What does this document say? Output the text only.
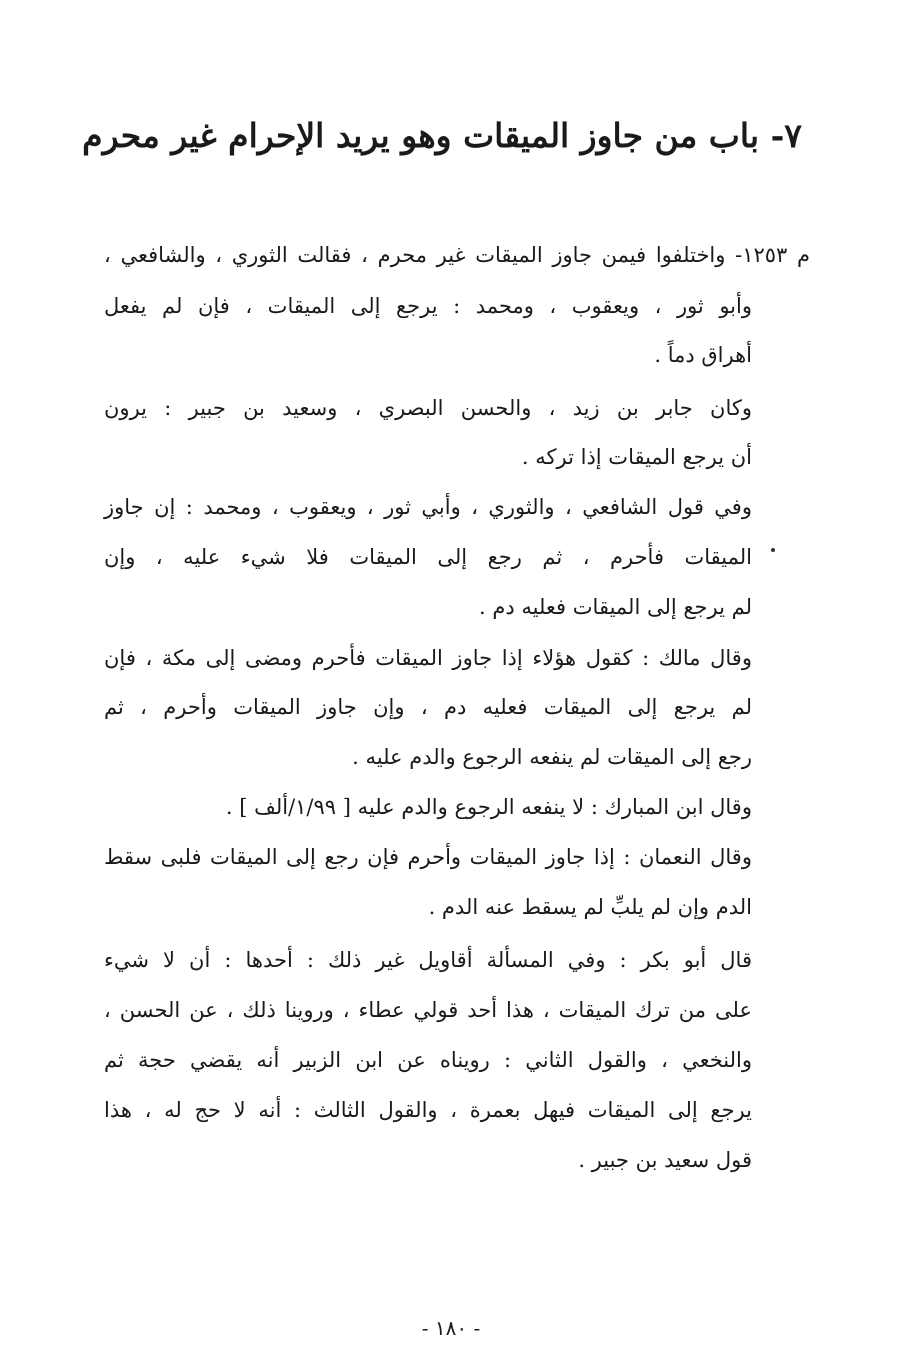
٧- باب من جاوز الميقات وهو يريد الإحرام غير محرم
م ١٢٥٣- واختلفوا فيمن جاوز الميقات غير محرم ، فقالت الثوري ، والشافعي ،
وأبو ثور ، ويعقوب ، ومحمد : يرجع إلى الميقات ، فإن لم يفعل
أهراق دماً .
وكان جابر بن زيد ، والحسن البصري ، وسعيد بن جبير : يرون
أن يرجع الميقات إذا تركه .
وفي قول الشافعي ، والثوري ، وأبي ثور ، ويعقوب ، ومحمد : إن جاوز
الميقات فأحرم ، ثم رجع إلى الميقات فلا شيء عليه ، وإن
لم يرجع إلى الميقات فعليه دم .
وقال مالك : كقول هؤلاء إذا جاوز الميقات فأحرم ومضى إلى مكة ، فإن
لم يرجع إلى الميقات فعليه دم ، وإن جاوز الميقات وأحرم ، ثم
رجع إلى الميقات لم ينفعه الرجوع والدم عليه .
وقال ابن المبارك : لا ينفعه الرجوع والدم عليه [ ١/٩٩/ألف ] .
وقال النعمان : إذا جاوز الميقات وأحرم فإن رجع إلى الميقات فلبى سقط
الدم وإن لم يلبِّ لم يسقط عنه الدم .
قال أبو بكر : وفي المسألة أقاويل غير ذلك : أحدها : أن لا شيء
على من ترك الميقات ، هذا أحد قولي عطاء ، وروينا ذلك ، عن الحسن ،
والنخعي ، والقول الثاني : رويناه عن ابن الزبير أنه يقضي حجة ثم
يرجع إلى الميقات فيهل بعمرة ، والقول الثالث : أنه لا حج له ، هذا
قول سعيد بن جبير .
- ١٨٠ -
